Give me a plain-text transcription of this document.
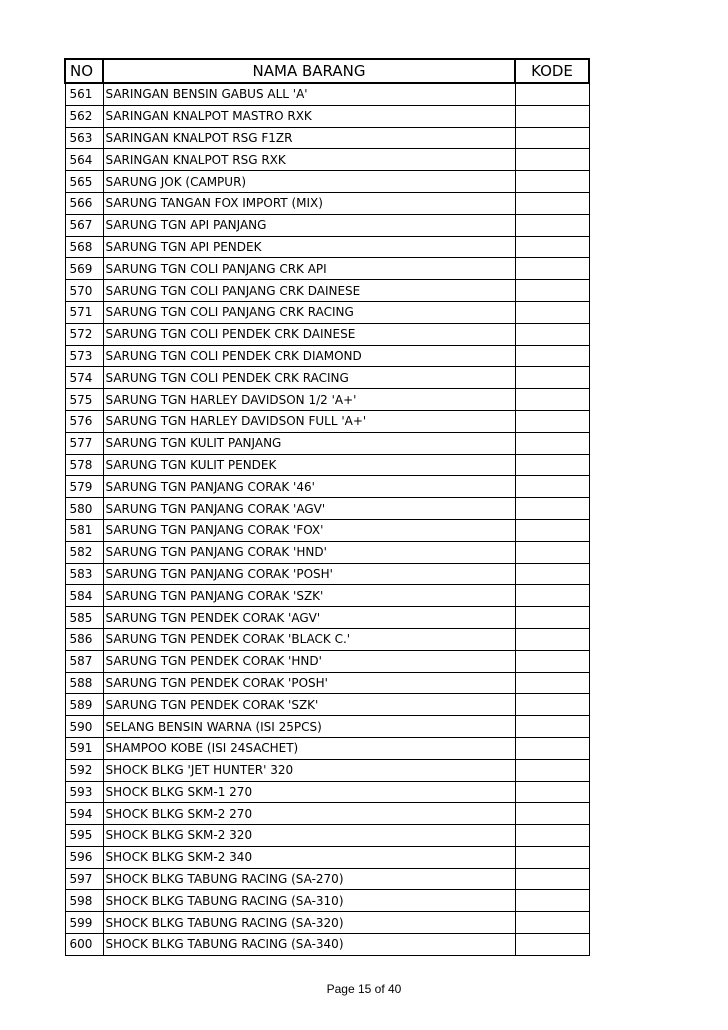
NO	NAMA BARANG	KODE
561	SARINGAN BENSIN GABUS ALL 'A'	
562	SARINGAN KNALPOT MASTRO RXK	
563	SARINGAN KNALPOT RSG F1ZR	
564	SARINGAN KNALPOT RSG RXK	
565	SARUNG JOK (CAMPUR)	
566	SARUNG TANGAN FOX IMPORT (MIX)	
567	SARUNG TGN API PANJANG	
568	SARUNG TGN API PENDEK	
569	SARUNG TGN COLI PANJANG CRK API	
570	SARUNG TGN COLI PANJANG CRK DAINESE	
571	SARUNG TGN COLI PANJANG CRK RACING	
572	SARUNG TGN COLI PENDEK CRK DAINESE	
573	SARUNG TGN COLI PENDEK CRK DIAMOND	
574	SARUNG TGN COLI PENDEK CRK RACING	
575	SARUNG TGN HARLEY DAVIDSON 1/2 'A+'	
576	SARUNG TGN HARLEY DAVIDSON FULL 'A+'	
577	SARUNG TGN KULIT PANJANG	
578	SARUNG TGN KULIT PENDEK	
579	SARUNG TGN PANJANG CORAK '46'	
580	SARUNG TGN PANJANG CORAK 'AGV'	
581	SARUNG TGN PANJANG CORAK 'FOX'	
582	SARUNG TGN PANJANG CORAK 'HND'	
583	SARUNG TGN PANJANG CORAK 'POSH'	
584	SARUNG TGN PANJANG CORAK 'SZK'	
585	SARUNG TGN PENDEK CORAK 'AGV'	
586	SARUNG TGN PENDEK CORAK 'BLACK C.'	
587	SARUNG TGN PENDEK CORAK 'HND'	
588	SARUNG TGN PENDEK CORAK 'POSH'	
589	SARUNG TGN PENDEK CORAK 'SZK'	
590	SELANG BENSIN WARNA (ISI 25PCS)	
591	SHAMPOO KOBE (ISI 24SACHET)	
592	SHOCK BLKG 'JET HUNTER' 320	
593	SHOCK BLKG SKM-1 270	
594	SHOCK BLKG SKM-2 270	
595	SHOCK BLKG SKM-2 320	
596	SHOCK BLKG SKM-2 340	
597	SHOCK BLKG TABUNG RACING (SA-270)	
598	SHOCK BLKG TABUNG RACING (SA-310)	
599	SHOCK BLKG TABUNG RACING (SA-320)	
600	SHOCK BLKG TABUNG RACING (SA-340)	
Page 15 of 40
